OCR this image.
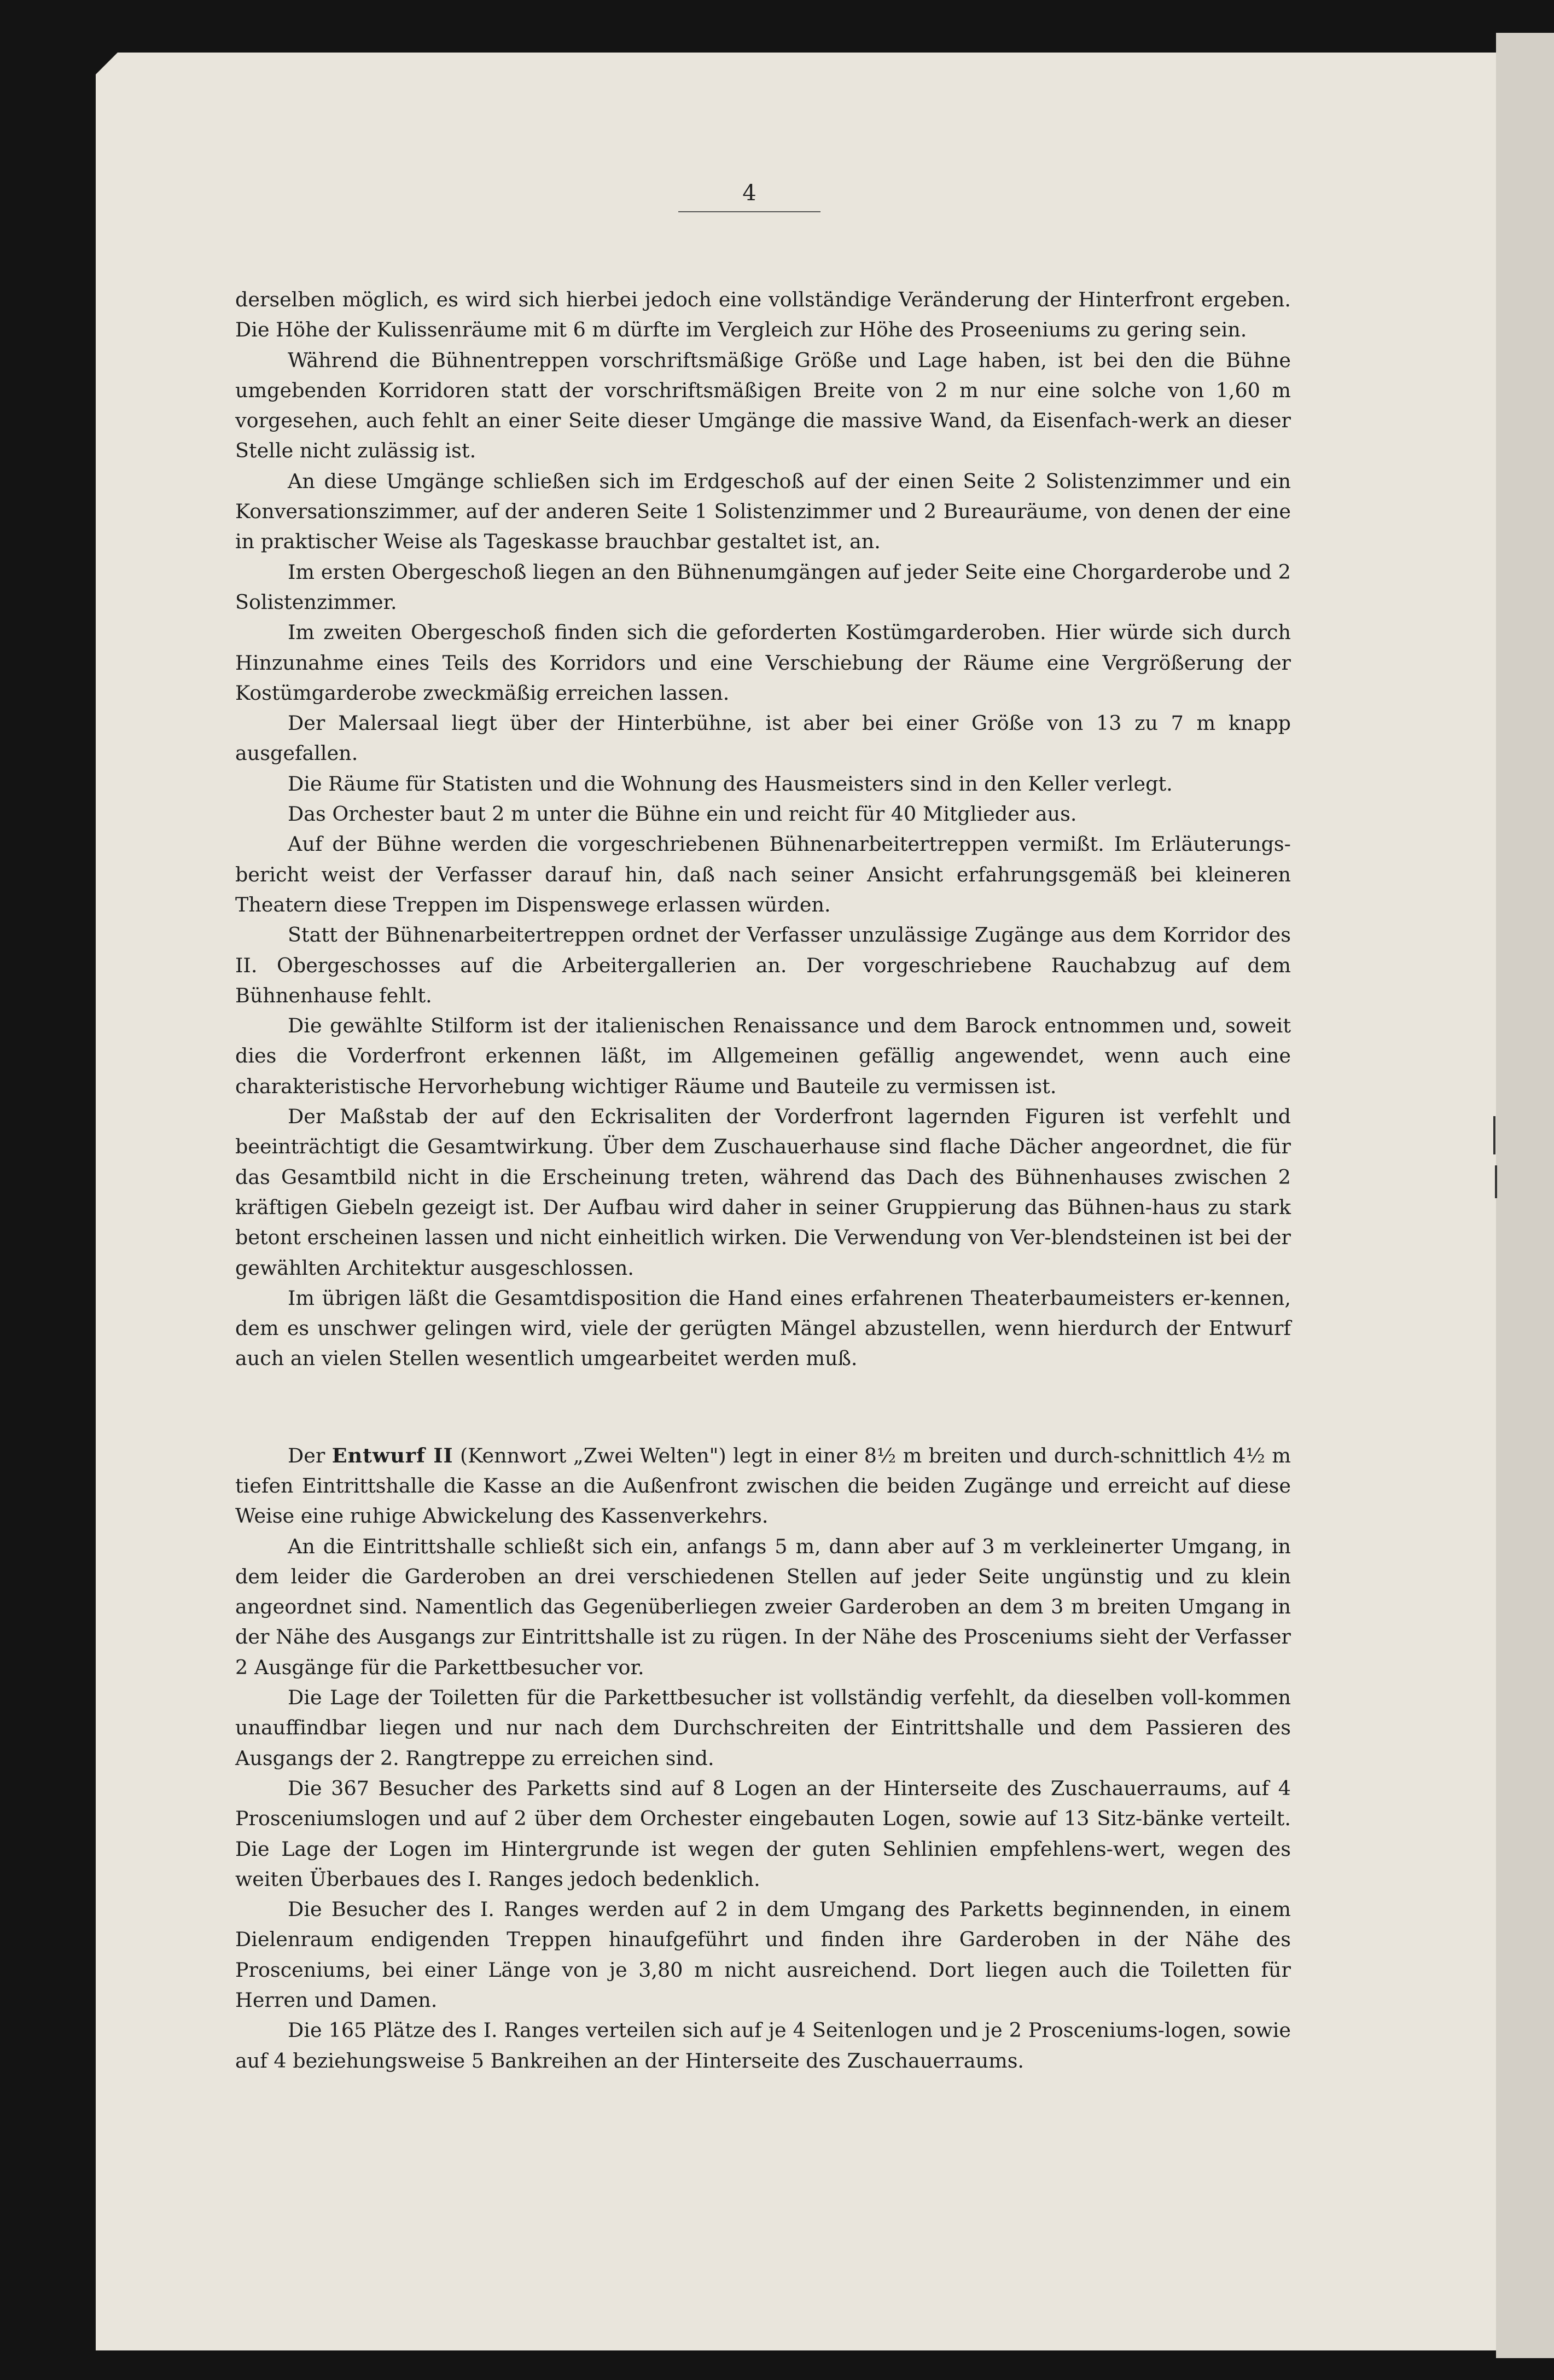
4

derselben möglich, es wird sich hierbei jedoch eine vollständige Veränderung der Hinterfront ergeben. Die Höhe der Kulissenräume mit 6 m dürfte im Vergleich zur Höhe des Proseeniums zu gering sein.

Während die Bühnentreppen vorschriftsmäßige Größe und Lage haben, ist bei den die Bühne umgebenden Korridoren statt der vorschriftsmäßigen Breite von 2 m nur eine solche von 1,60 m vorgesehen, auch fehlt an einer Seite dieser Umgänge die massive Wand, da Eisenfach-werk an dieser Stelle nicht zulässig ist.

An diese Umgänge schließen sich im Erdgeschoß auf der einen Seite 2 Solistenzimmer und ein Konversationszimmer, auf der anderen Seite 1 Solistenzimmer und 2 Bureauräume, von denen der eine in praktischer Weise als Tageskasse brauchbar gestaltet ist, an.

Im ersten Obergeschoß liegen an den Bühnenumgängen auf jeder Seite eine Chorgarderobe und 2 Solistenzimmer.

Im zweiten Obergeschoß finden sich die geforderten Kostümgarderoben. Hier würde sich durch Hinzunahme eines Teils des Korridors und eine Verschiebung der Räume eine Vergrößerung der Kostümgarderobe zweckmäßig erreichen lassen.

Der Malersaal liegt über der Hinterbühne, ist aber bei einer Größe von 13 zu 7 m knapp ausgefallen.

Die Räume für Statisten und die Wohnung des Hausmeisters sind in den Keller verlegt.

Das Orchester baut 2 m unter die Bühne ein und reicht für 40 Mitglieder aus.

Auf der Bühne werden die vorgeschriebenen Bühnenarbeitertreppen vermißt. Im Erläuterungs-bericht weist der Verfasser darauf hin, daß nach seiner Ansicht erfahrungsgemäß bei kleineren Theatern diese Treppen im Dispenswege erlassen würden.

Statt der Bühnenarbeitertreppen ordnet der Verfasser unzulässige Zugänge aus dem Korridor des II. Obergeschosses auf die Arbeitergallerien an. Der vorgeschriebene Rauchabzug auf dem Bühnenhause fehlt.

Die gewählte Stilform ist der italienischen Renaissance und dem Barock entnommen und, soweit dies die Vorderfront erkennen läßt, im Allgemeinen gefällig angewendet, wenn auch eine charakteristische Hervorhebung wichtiger Räume und Bauteile zu vermissen ist.

Der Maßstab der auf den Eckrisaliten der Vorderfront lagernden Figuren ist verfehlt und beeinträchtigt die Gesamtwirkung. Über dem Zuschauerhause sind flache Dächer angeordnet, die für das Gesamtbild nicht in die Erscheinung treten, während das Dach des Bühnenhauses zwischen 2 kräftigen Giebeln gezeigt ist. Der Aufbau wird daher in seiner Gruppierung das Bühnen-haus zu stark betont erscheinen lassen und nicht einheitlich wirken. Die Verwendung von Ver-blendsteinen ist bei der gewählten Architektur ausgeschlossen.

Im übrigen läßt die Gesamtdisposition die Hand eines erfahrenen Theaterbaumeisters er-kennen, dem es unschwer gelingen wird, viele der gerügten Mängel abzustellen, wenn hierdurch der Entwurf auch an vielen Stellen wesentlich umgearbeitet werden muß.

Der Entwurf II (Kennwort „Zwei Welten") legt in einer 8½ m breiten und durch-schnittlich 4½ m tiefen Eintrittshalle die Kasse an die Außenfront zwischen die beiden Zugänge und erreicht auf diese Weise eine ruhige Abwickelung des Kassenverkehrs.

An die Eintrittshalle schließt sich ein, anfangs 5 m, dann aber auf 3 m verkleinerter Umgang, in dem leider die Garderoben an drei verschiedenen Stellen auf jeder Seite ungünstig und zu klein angeordnet sind. Namentlich das Gegenüberliegen zweier Garderoben an dem 3 m breiten Umgang in der Nähe des Ausgangs zur Eintrittshalle ist zu rügen. In der Nähe des Prosceniums sieht der Verfasser 2 Ausgänge für die Parkettbesucher vor.

Die Lage der Toiletten für die Parkettbesucher ist vollständig verfehlt, da dieselben voll-kommen unauffindbar liegen und nur nach dem Durchschreiten der Eintrittshalle und dem Passieren des Ausgangs der 2. Rangtreppe zu erreichen sind.

Die 367 Besucher des Parketts sind auf 8 Logen an der Hinterseite des Zuschauerraums, auf 4 Prosceniumslogen und auf 2 über dem Orchester eingebauten Logen, sowie auf 13 Sitz-bänke verteilt. Die Lage der Logen im Hintergrunde ist wegen der guten Sehlinien empfehlens-wert, wegen des weiten Überbaues des I. Ranges jedoch bedenklich.

Die Besucher des I. Ranges werden auf 2 in dem Umgang des Parketts beginnenden, in einem Dielenraum endigenden Treppen hinaufgeführt und finden ihre Garderoben in der Nähe des Prosceniums, bei einer Länge von je 3,80 m nicht ausreichend. Dort liegen auch die Toiletten für Herren und Damen.

Die 165 Plätze des I. Ranges verteilen sich auf je 4 Seitenlogen und je 2 Prosceniums-logen, sowie auf 4 beziehungsweise 5 Bankreihen an der Hinterseite des Zuschauerraums.
